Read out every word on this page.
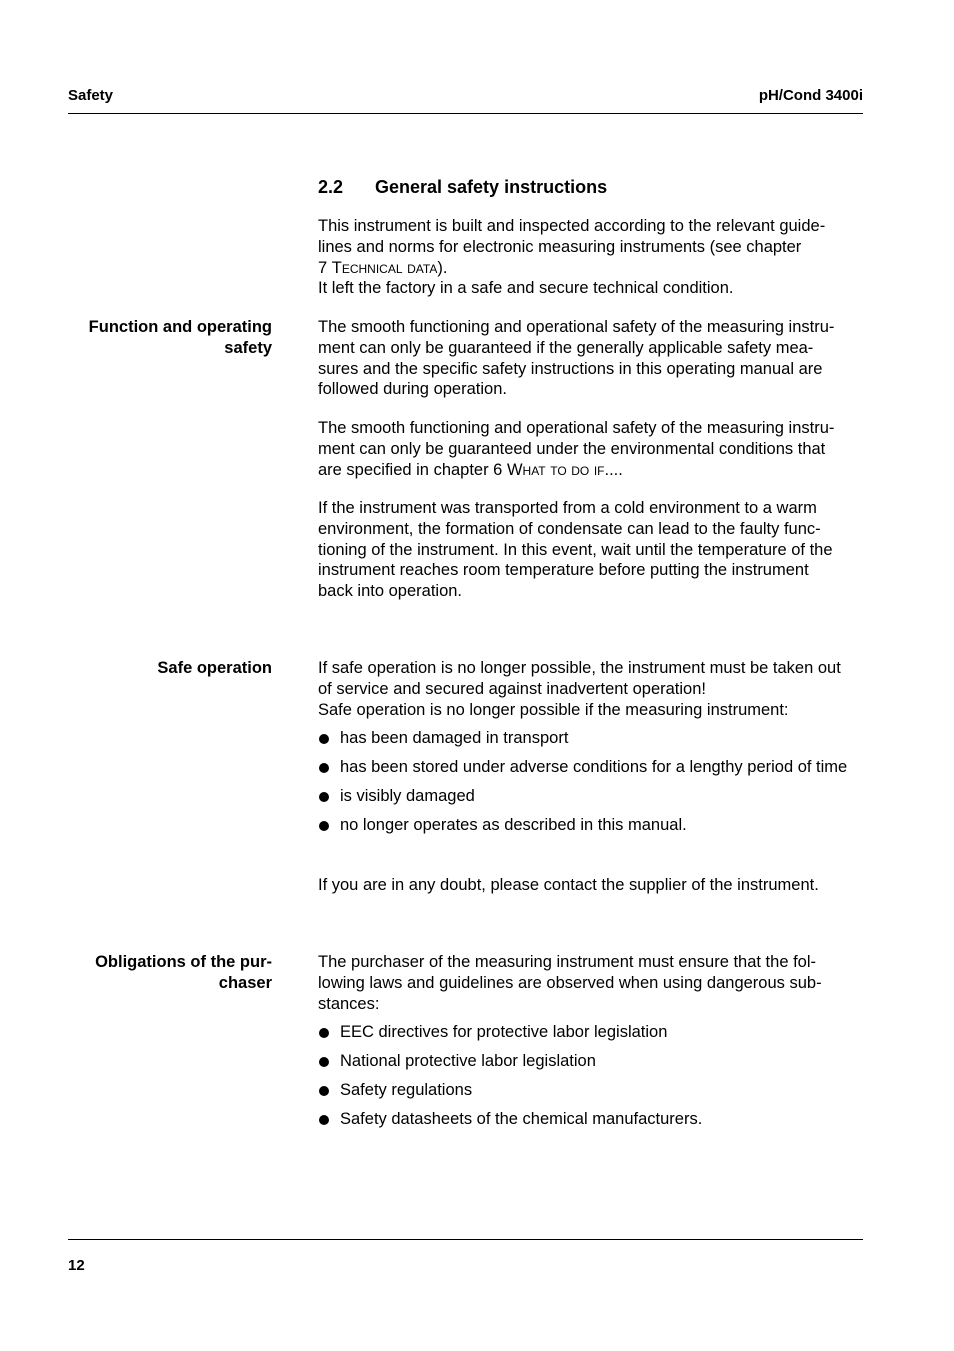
Safety	pH/Cond 3400i
2.2 General safety instructions

This instrument is built and inspected according to the relevant guide-

lines and norms for electronic measuring instruments (see chapter

7 Technical data).

It left the factory in a safe and secure technical condition.

Function and operating
safety

The smooth functioning and operational safety of the measuring instru-

ment can only be guaranteed if the generally applicable safety mea-

sures and the specific safety instructions in this operating manual are

followed during operation.

The smooth functioning and operational safety of the measuring instru-

ment can only be guaranteed under the environmental conditions that

are specified in chapter 6 What to do if....

If the instrument was transported from a cold environment to a warm

environment, the formation of condensate can lead to the faulty func-

tioning of the instrument. In this event, wait until the temperature of the

instrument reaches room temperature before putting the instrument

back into operation.

Safe operation	If safe operation is no longer possible, the instrument must be taken out

of service and secured against inadvertent operation!

Safe operation is no longer possible if the measuring instrument:

has been damaged in transport
has been stored under adverse conditions for a lengthy period of time
is visibly damaged
no longer operates as described in this manual.
If you are in any doubt, please contact the supplier of the instrument.
Obligations of the pur-
chaser

The purchaser of the measuring instrument must ensure that the fol-

lowing laws and guidelines are observed when using dangerous sub-

stances:

EEC directives for protective labor legislation
National protective labor legislation
Safety regulations
Safety datasheets of the chemical manufacturers.
12
